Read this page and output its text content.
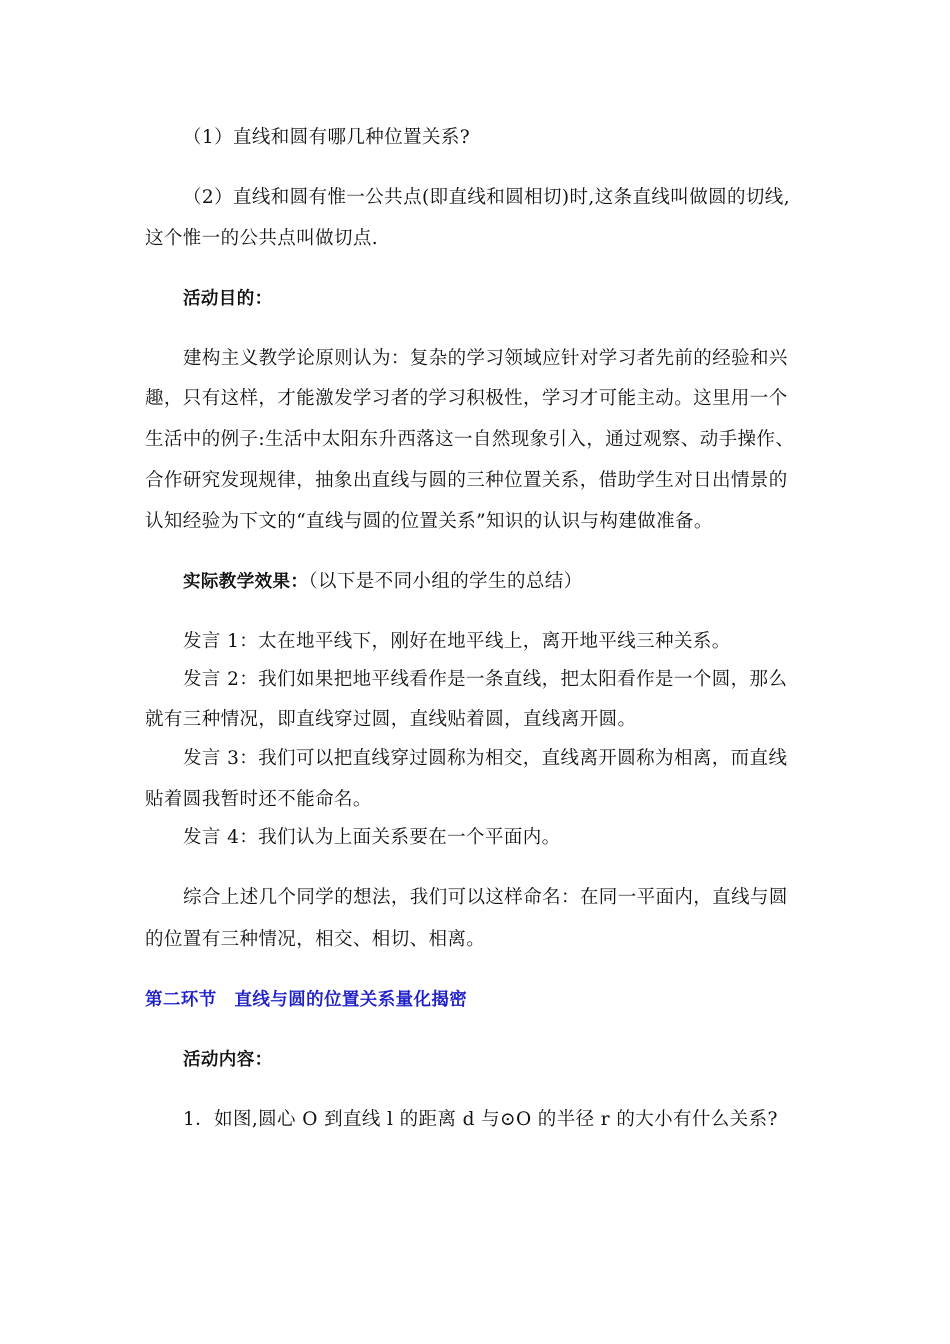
（1）直线和圆有哪几种位置关系?
（2）直线和圆有惟一公共点(即直线和圆相切)时,这条直线叫做圆的切线,
这个惟一的公共点叫做切点.
活动目的：
建构主义教学论原则认为：复杂的学习领域应针对学习者先前的经验和兴
趣，只有这样，才能激发学习者的学习积极性，学习才可能主动。这里用一个
生活中的例子:生活中太阳东升西落这一自然现象引入，通过观察、动手操作、
合作研究发现规律，抽象出直线与圆的三种位置关系，借助学生对日出情景的
认知经验为下文的“直线与圆的位置关系”知识的认识与构建做准备。
实际教学效果：（以下是不同小组的学生的总结）
发言 1：太在地平线下，刚好在地平线上，离开地平线三种关系。
发言 2：我们如果把地平线看作是一条直线，把太阳看作是一个圆，那么
就有三种情况，即直线穿过圆，直线贴着圆，直线离开圆。
发言 3：我们可以把直线穿过圆称为相交，直线离开圆称为相离，而直线
贴着圆我暂时还不能命名。
发言 4：我们认为上面关系要在一个平面内。
综合上述几个同学的想法，我们可以这样命名：在同一平面内，直线与圆
的位置有三种情况，相交、相切、相离。
第二环节　直线与圆的位置关系量化揭密
活动内容：
1．如图,圆心 O 到直线 l 的距离 d 与⊙O 的半径 r 的大小有什么关系?
